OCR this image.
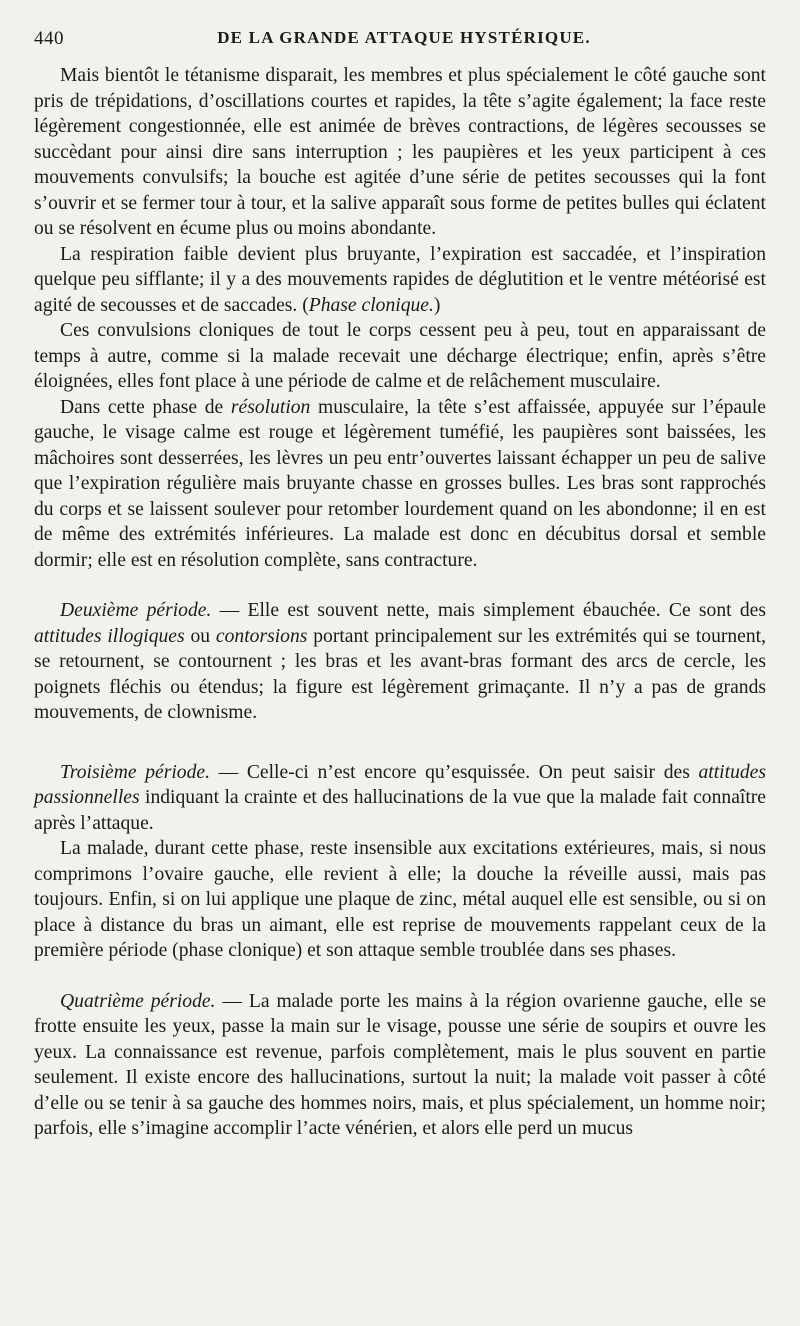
440	DE LA GRANDE ATTAQUE HYSTÉRIQUE.

Mais bientôt le tétanisme disparait, les membres et plus spécialement le côté gauche sont pris de trépidations, d’oscillations courtes et rapides, la tête s’agite également; la face reste légèrement congestionnée, elle est animée de brèves contractions, de légères secousses se succèdant pour ainsi dire sans interruption ; les paupières et les yeux participent à ces mouvements convulsifs; la bouche est agitée d’une série de petites secousses qui la font s’ouvrir et se fermer tour à tour, et la salive apparaît sous forme de petites bulles qui éclatent ou se résolvent en écume plus ou moins abondante.

La respiration faible devient plus bruyante, l’expiration est saccadée, et l’inspiration quelque peu sifflante; il y a des mouvements rapides de déglutition et le ventre météorisé est agité de secousses et de saccades. (Phase clonique.)

Ces convulsions cloniques de tout le corps cessent peu à peu, tout en apparaissant de temps à autre, comme si la malade recevait une décharge électrique; enfin, après s’être éloignées, elles font place à une période de calme et de relâchement musculaire.

Dans cette phase de résolution musculaire, la tête s’est affaissée, appuyée sur l’épaule gauche, le visage calme est rouge et légèrement tuméfié, les paupières sont baissées, les mâchoires sont desserrées, les lèvres un peu entr’ouvertes laissant échapper un peu de salive que l’expiration régulière mais bruyante chasse en grosses bulles. Les bras sont rapprochés du corps et se laissent soulever pour retomber lourdement quand on les abondonne; il en est de même des extrémités inférieures. La malade est donc en décubitus dorsal et semble dormir; elle est en résolution complète, sans contracture.

Deuxième période. — Elle est souvent nette, mais simplement ébauchée. Ce sont des attitudes illogiques ou contorsions portant principalement sur les extrémités qui se tournent, se retournent, se contournent ; les bras et les avant-bras formant des arcs de cercle, les poignets fléchis ou étendus; la figure est légèrement grimaçante. Il n’y a pas de grands mouvements, de clownisme.

Troisième période. — Celle-ci n’est encore qu’esquissée. On peut saisir des attitudes passionnelles indiquant la crainte et des hallucinations de la vue que la malade fait connaître après l’attaque.

La malade, durant cette phase, reste insensible aux excitations extérieures, mais, si nous comprimons l’ovaire gauche, elle revient à elle; la douche la réveille aussi, mais pas toujours. Enfin, si on lui applique une plaque de zinc, métal auquel elle est sensible, ou si on place à distance du bras un aimant, elle est reprise de mouvements rappelant ceux de la première période (phase clonique) et son attaque semble troublée dans ses phases.

Quatrième période. — La malade porte les mains à la région ovarienne gauche, elle se frotte ensuite les yeux, passe la main sur le visage, pousse une série de soupirs et ouvre les yeux. La connaissance est revenue, parfois complètement, mais le plus souvent en partie seulement. Il existe encore des hallucinations, surtout la nuit; la malade voit passer à côté d’elle ou se tenir à sa gauche des hommes noirs, mais, et plus spécialement, un homme noir; parfois, elle s’imagine accomplir l’acte vénérien, et alors elle perd un mucus
